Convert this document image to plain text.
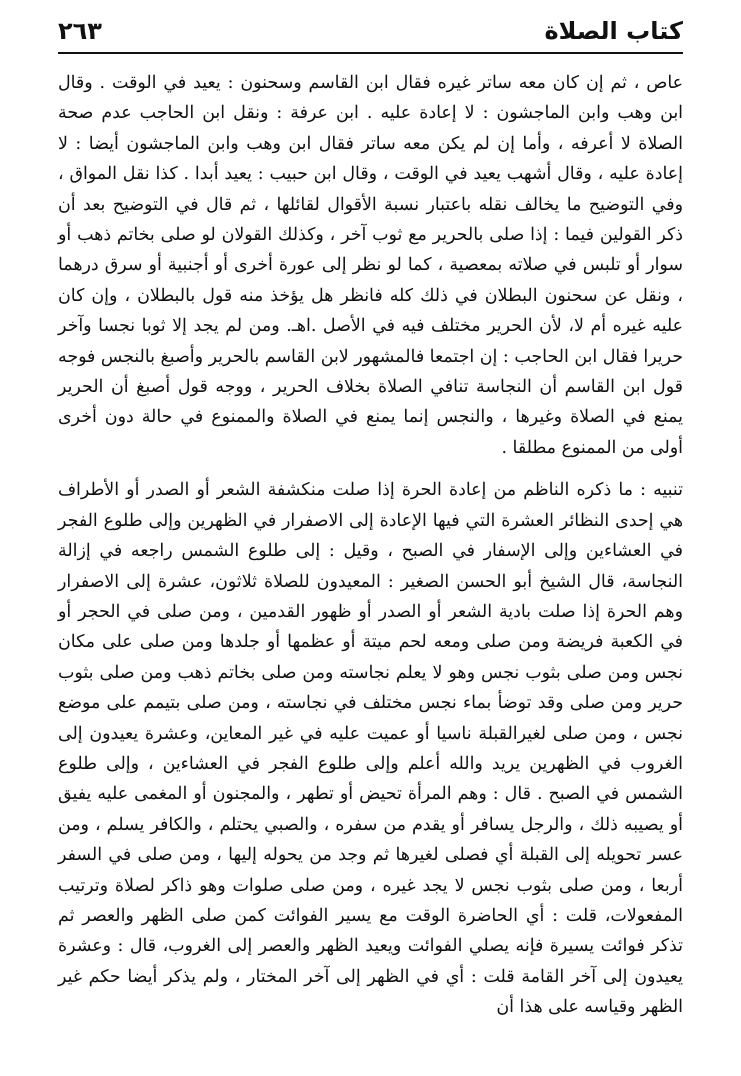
كتاب الصلاة
٢٦٣

عاص ، ثم إن كان معه ساتر غيره فقال ابن القاسم وسحنون : يعيد في الوقت . وقال ابن وهب وابن الماجشون : لا إعادة عليه . ابن عرفة : ونقل ابن الحاجب عدم صحة الصلاة لا أعرفه ، وأما إن لم يكن معه ساتر فقال ابن وهب وابن الماجشون أيضا : لا إعادة عليه ، وقال أشهب يعيد في الوقت ، وقال ابن حبيب : يعيد أبدا . كذا نقل المواق ، وفي التوضيح ما يخالف نقله باعتبار نسبة الأقوال لقائلها ، ثم قال في التوضيح بعد أن ذكر القولين فيما : إذا صلى بالحرير مع ثوب آخر ، وكذلك القولان لو صلى بخاتم ذهب أو سوار أو تلبس في صلاته بمعصية ، كما لو نظر إلى عورة أخرى أو أجنبية أو سرق درهما ، ونقل عن سحنون البطلان في ذلك كله فانظر هل يؤخذ منه قول بالبطلان ، وإن كان عليه غيره أم لا، لأن الحرير مختلف فيه في الأصل .اهـ. ومن لم يجد إلا ثوبا نجسا وآخر حريرا فقال ابن الحاجب : إن اجتمعا فالمشهور لابن القاسم بالحرير وأصبغ بالنجس فوجه قول ابن القاسم أن النجاسة تنافي الصلاة بخلاف الحرير ، ووجه قول أصبغ أن الحرير يمنع في الصلاة وغيرها ، والنجس إنما يمنع في الصلاة والممنوع في حالة دون أخرى أولى من الممنوع مطلقا .

تنبيه : ما ذكره الناظم من إعادة الحرة إذا صلت منكشفة الشعر أو الصدر أو الأطراف هي إحدى النظائر العشرة التي فيها الإعادة إلى الاصفرار في الظهرين وإلى طلوع الفجر في العشاءين وإلى الإسفار في الصبح ، وقيل : إلى طلوع الشمس راجعه في إزالة النجاسة، قال الشيخ أبو الحسن الصغير : المعيدون للصلاة ثلاثون، عشرة إلى الاصفرار وهم الحرة إذا صلت بادية الشعر أو الصدر أو ظهور القدمين ، ومن صلى في الحجر أو في الكعبة فريضة ومن صلى ومعه لحم ميتة أو عظمها أو جلدها ومن صلى على مكان نجس ومن صلى بثوب نجس وهو لا يعلم نجاسته ومن صلى بخاتم ذهب ومن صلى بثوب حرير ومن صلى وقد توضأ بماء نجس مختلف في نجاسته ، ومن صلى بتيمم على موضع نجس ، ومن صلى لغيرالقبلة ناسيا أو عميت عليه في غير المعاين، وعشرة يعيدون إلى الغروب في الظهرين يريد والله أعلم وإلى طلوع الفجر في العشاءين ، وإلى طلوع الشمس في الصبح . قال : وهم المرأة تحيض أو تطهر ، والمجنون أو المغمى عليه يفيق أو يصيبه ذلك ، والرجل يسافر أو يقدم من سفره ، والصبي يحتلم ، والكافر يسلم ، ومن عسر تحويله إلى القبلة أي فصلى لغيرها ثم وجد من يحوله إليها ، ومن صلى في السفر أربعا ، ومن صلى بثوب نجس لا يجد غيره ، ومن صلى صلوات وهو ذاكر لصلاة وترتيب المفعولات، قلت : أي الحاضرة الوقت مع يسير الفوائت كمن صلى الظهر والعصر ثم تذكر فوائت يسيرة فإنه يصلي الفوائت ويعيد الظهر والعصر إلى الغروب، قال : وعشرة يعيدون إلى آخر القامة قلت : أي في الظهر إلى آخر المختار ، ولم يذكر أيضا حكم غير الظهر وقياسه على هذا أن
